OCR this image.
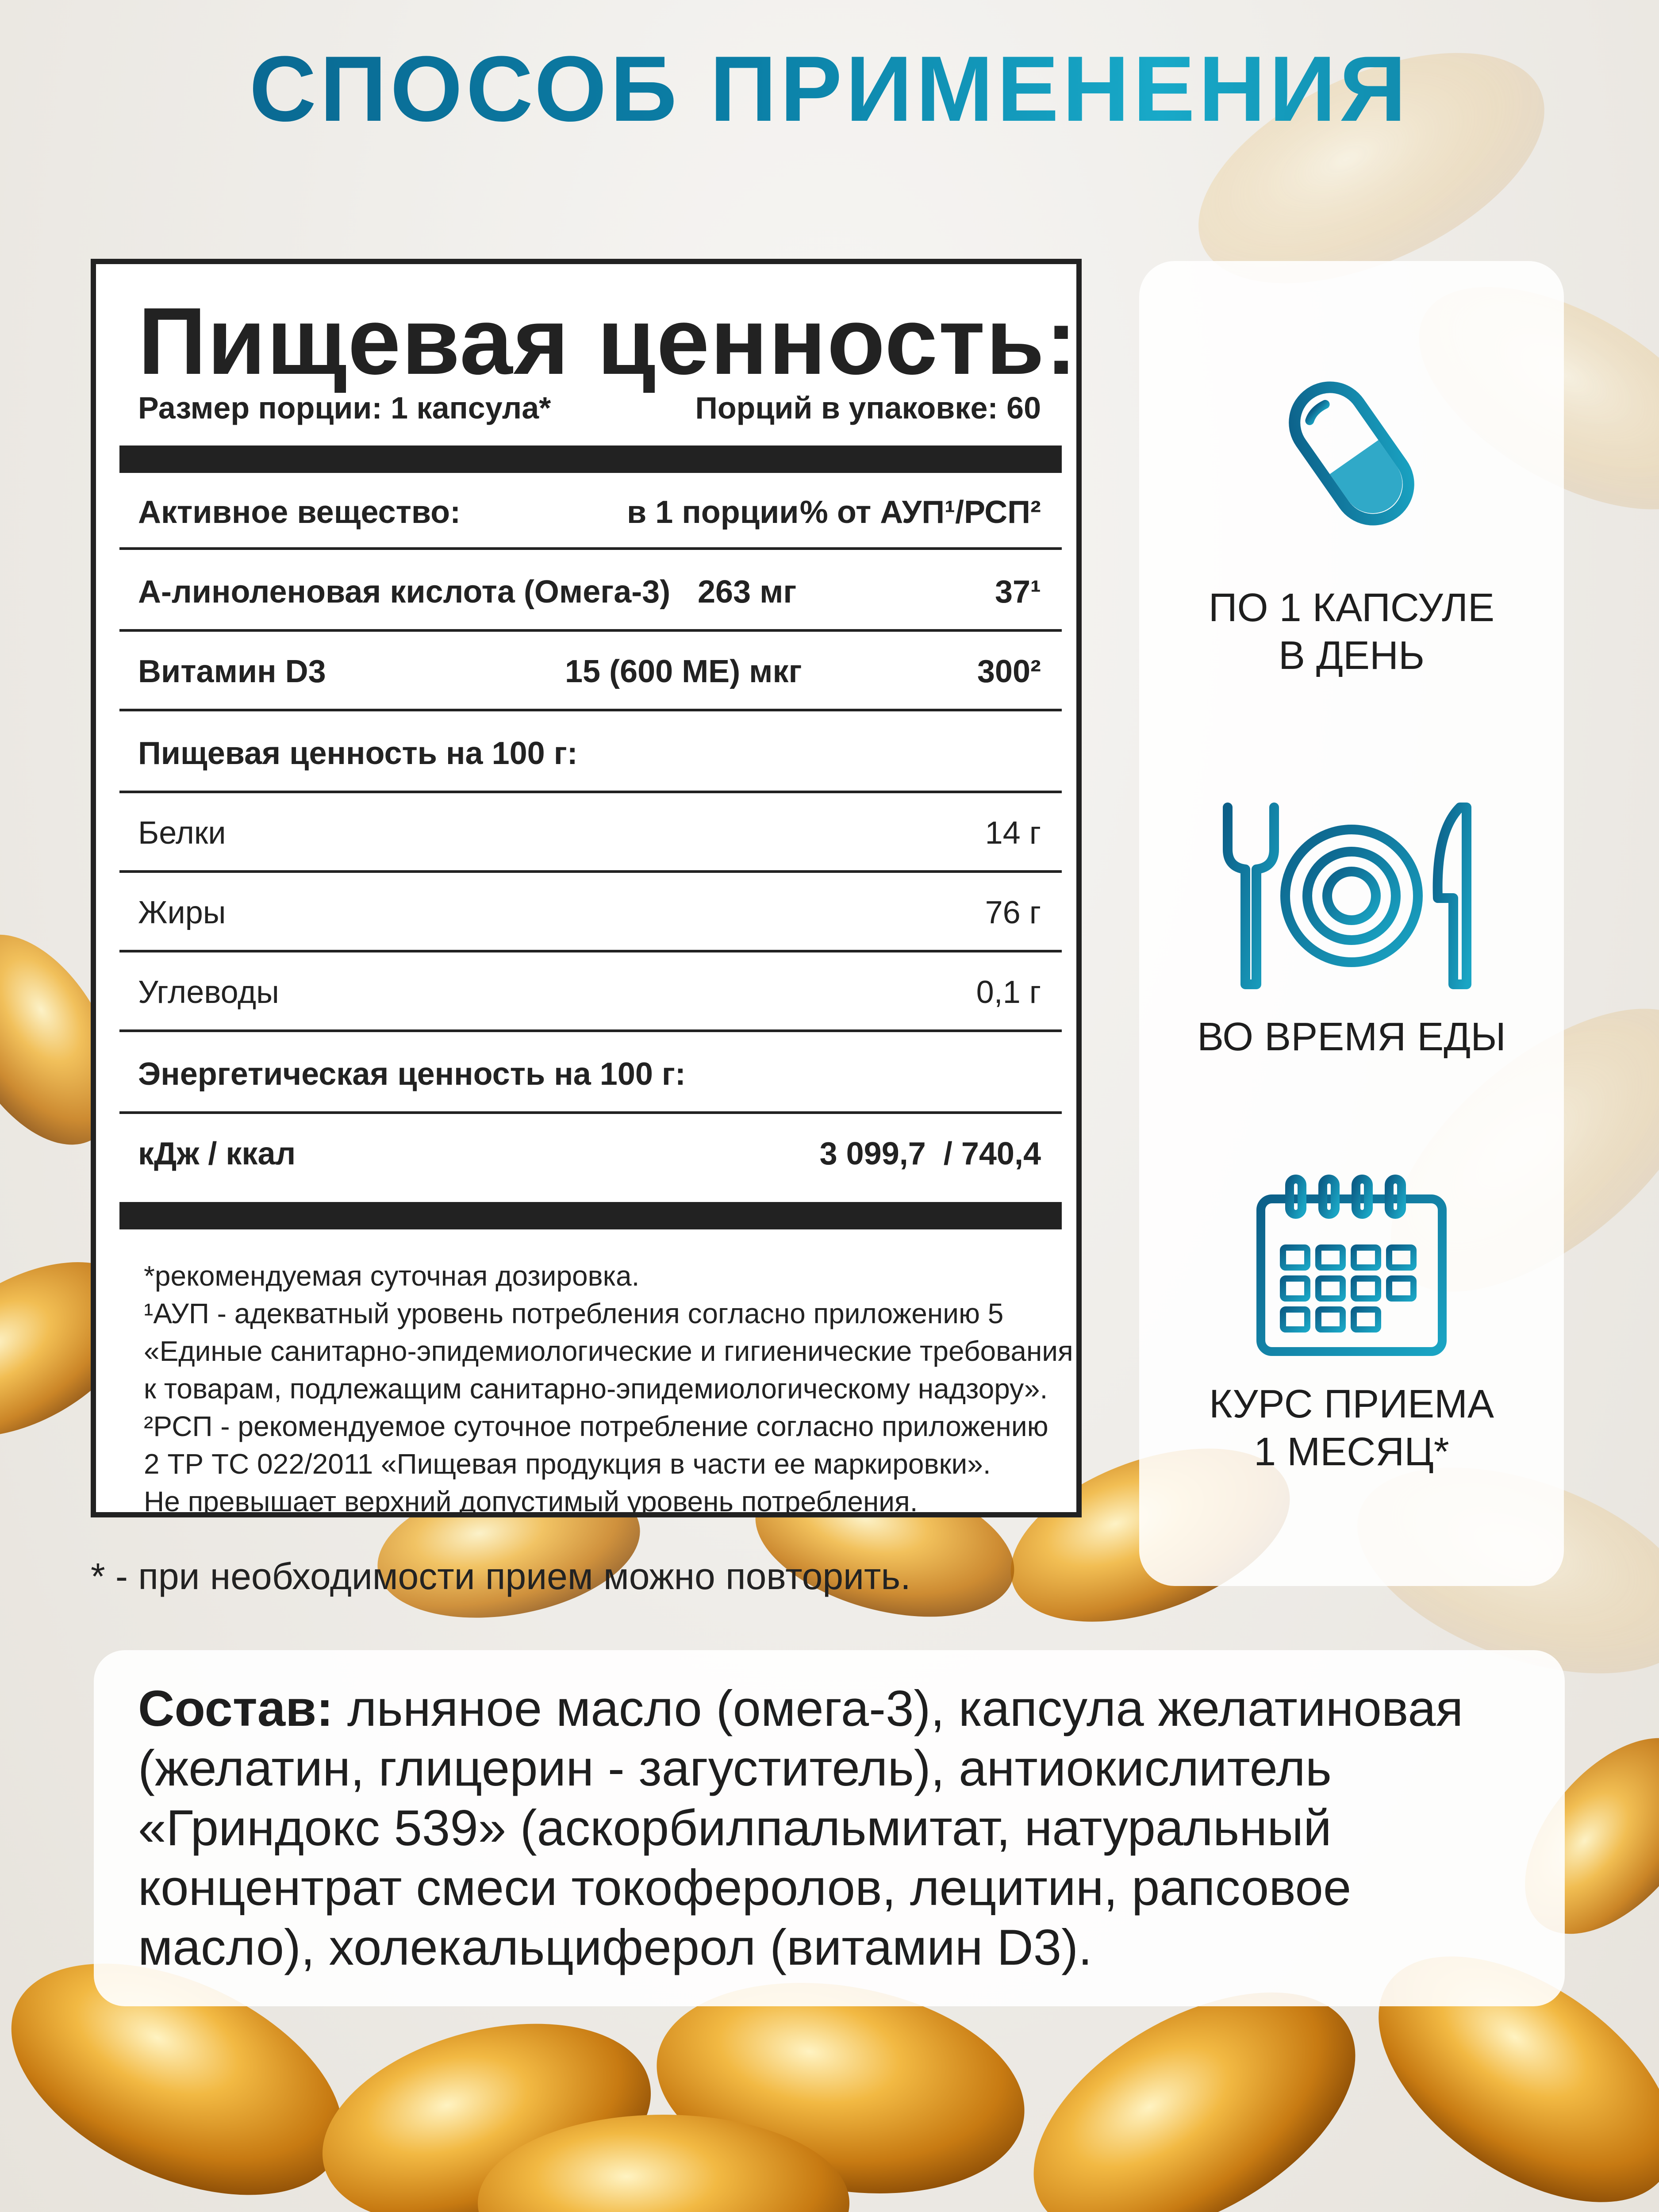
СПОСОБ ПРИМЕНЕНИЯ
Пищевая ценность:
Размер порции: 1 капсула*	Порций в упаковке: 60
Активное вещество:	в 1 порции % от АУП¹/РСП²
А-линоленовая кислота (Омега-3) 263 мг	37¹
Витамин D3	15 (600 МЕ) мкг	300²
Пищевая ценность на 100 г:
Белки	14 г
Жиры	76 г
Углеводы	0,1 г
Энергетическая ценность на 100 г:
кДж / ккал	3 099,7  / 740,4
*рекомендуемая суточная дозировка.
¹АУП - адекватный уровень потребления согласно приложению 5
«Единые санитарно-эпидемиологические и гигиенические требования
к товарам, подлежащим санитарно-эпидемиологическому надзору».
²РСП - рекомендуемое суточное потребление согласно приложению
2 ТР ТС 022/2011 «Пищевая продукция в части ее маркировки».
Не превышает верхний допустимый уровень потребления.
* - при необходимости прием можно повторить.
ПО 1 КАПСУЛЕ
В ДЕНЬ
ВО ВРЕМЯ ЕДЫ
КУРС ПРИЕМА
1 МЕСЯЦ*
Состав: льняное масло (омега-3), капсула желатиновая
(желатин, глицерин - загуститель), антиокислитель
«Гриндокс 539» (аскорбилпальмитат, натуральный
концентрат смеси токоферолов, лецитин, рапсовое
масло), холекальциферол (витамин D3).
